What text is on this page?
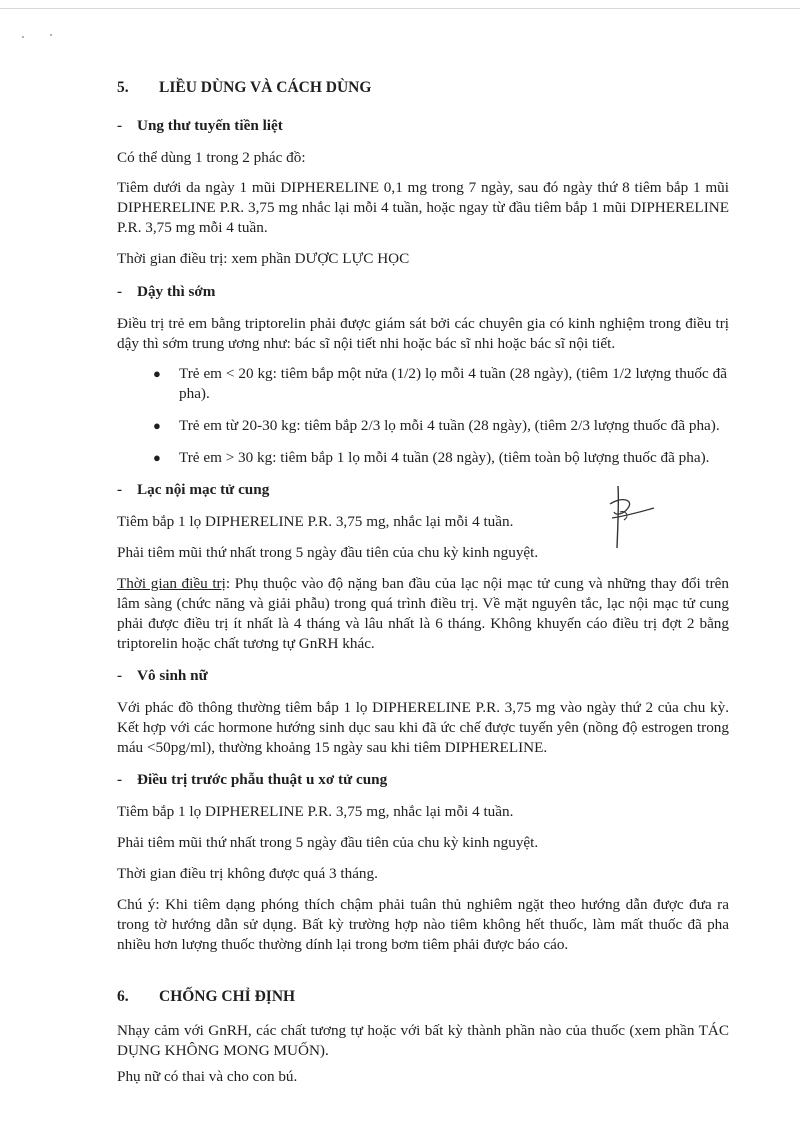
5.	LIỀU DÙNG VÀ CÁCH DÙNG
- Ung thư tuyến tiền liệt

Có thể dùng 1 trong 2 phác đồ:

Tiêm dưới da ngày 1 mũi DIPHERELINE 0,1 mg trong 7 ngày, sau đó ngày thứ 8 tiêm bắp 1 mũi DIPHERELINE P.R. 3,75 mg nhắc lại mỗi 4 tuần, hoặc ngay từ đầu tiêm bắp 1 mũi DIPHERELINE P.R. 3,75 mg mỗi 4 tuần.

Thời gian điều trị: xem phần DƯỢC LỰC HỌC

- Dậy thì sớm

Điều trị trẻ em bằng triptorelin phải được giám sát bởi các chuyên gia có kinh nghiệm trong điều trị dậy thì sớm trung ương như: bác sĩ nội tiết nhi hoặc bác sĩ nhi hoặc bác sĩ nội tiết.

●	Trẻ em < 20 kg: tiêm bắp một nửa (1/2) lọ mỗi 4 tuần (28 ngày), (tiêm 1/2 lượng thuốc đã pha).
●	Trẻ em từ 20-30 kg: tiêm bắp 2/3 lọ mỗi 4 tuần (28 ngày), (tiêm 2/3 lượng thuốc đã pha).
●	Trẻ em > 30 kg: tiêm bắp 1 lọ mỗi 4 tuần (28 ngày), (tiêm toàn bộ lượng thuốc đã pha).
- Lạc nội mạc tử cung

Tiêm bắp 1 lọ DIPHERELINE P.R. 3,75 mg, nhắc lại mỗi 4 tuần.

Phải tiêm mũi thứ nhất trong 5 ngày đầu tiên của chu kỳ kinh nguyệt.

Thời gian điều trị: Phụ thuộc vào độ nặng ban đầu của lạc nội mạc tử cung và những thay đổi trên lâm sàng (chức năng và giải phẫu) trong quá trình điều trị. Về mặt nguyên tắc, lạc nội mạc tử cung phải được điều trị ít nhất là 4 tháng và lâu nhất là 6 tháng. Không khuyến cáo điều trị đợt 2 bằng triptorelin hoặc chất tương tự GnRH khác.

- Vô sinh nữ

Với phác đồ thông thường tiêm bắp 1 lọ DIPHERELINE P.R. 3,75 mg vào ngày thứ 2 của chu kỳ. Kết hợp với các hormone hướng sinh dục sau khi đã ức chế được tuyến yên (nồng độ estrogen trong máu <50pg/ml), thường khoảng 15 ngày sau khi tiêm DIPHERELINE.

- Điều trị trước phẫu thuật u xơ tử cung

Tiêm bắp 1 lọ DIPHERELINE P.R. 3,75 mg, nhắc lại mỗi 4 tuần.

Phải tiêm mũi thứ nhất trong 5 ngày đầu tiên của chu kỳ kinh nguyệt.

Thời gian điều trị không được quá 3 tháng.

Chú ý: Khi tiêm dạng phóng thích chậm phải tuân thủ nghiêm ngặt theo hướng dẫn được đưa ra trong tờ hướng dẫn sử dụng. Bất kỳ trường hợp nào tiêm không hết thuốc, làm mất thuốc đã pha nhiều hơn lượng thuốc thường dính lại trong bơm tiêm phải được báo cáo.

6.	CHỐNG CHỈ ĐỊNH

Nhạy cảm với GnRH, các chất tương tự hoặc với bất kỳ thành phần nào của thuốc (xem phần TÁC DỤNG KHÔNG MONG MUỐN).

Phụ nữ có thai và cho con bú.
